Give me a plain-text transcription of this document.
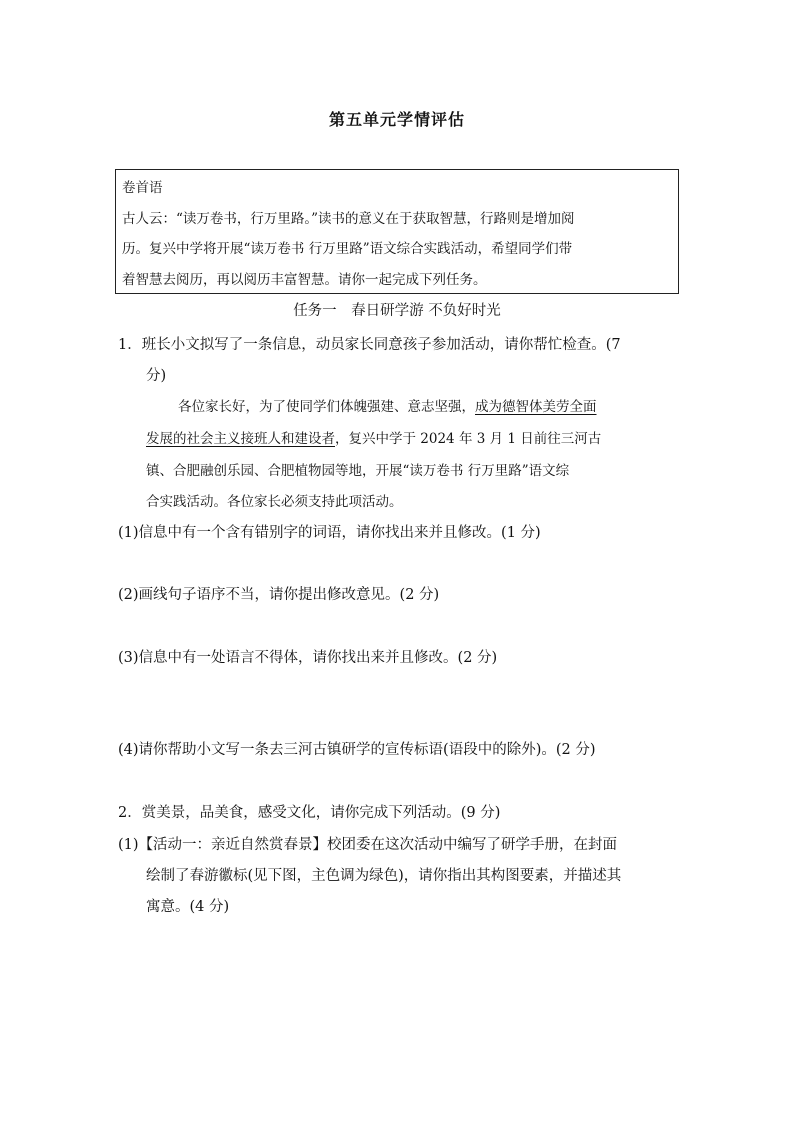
第五单元学情评估
卷首语
古人云：“读万卷书，行万里路。”读书的意义在于获取智慧，行路则是增加阅
历。复兴中学将开展“读万卷书 行万里路”语文综合实践活动，希望同学们带
着智慧去阅历，再以阅历丰富智慧。请你一起完成下列任务。
任务一　春日研学游 不负好时光
1．班长小文拟写了一条信息，动员家长同意孩子参加活动，请你帮忙检查。(7
分)
各位家长好，为了使同学们体魄强建、意志坚强，成为德智体美劳全面
发展的社会主义接班人和建设者，复兴中学于 2024 年 3 月 1 日前往三河古
镇、合肥融创乐园、合肥植物园等地，开展“读万卷书 行万里路”语文综
合实践活动。各位家长必须支持此项活动。
(1)信息中有一个含有错别字的词语，请你找出来并且修改。(1 分)
(2)画线句子语序不当，请你提出修改意见。(2 分)
(3)信息中有一处语言不得体，请你找出来并且修改。(2 分)
(4)请你帮助小文写一条去三河古镇研学的宣传标语(语段中的除外)。(2 分)
2．赏美景，品美食，感受文化，请你完成下列活动。(9 分)
(1)【活动一：亲近自然赏春景】校团委在这次活动中编写了研学手册，在封面
绘制了春游徽标(见下图，主色调为绿色)，请你指出其构图要素，并描述其
寓意。(4 分)
